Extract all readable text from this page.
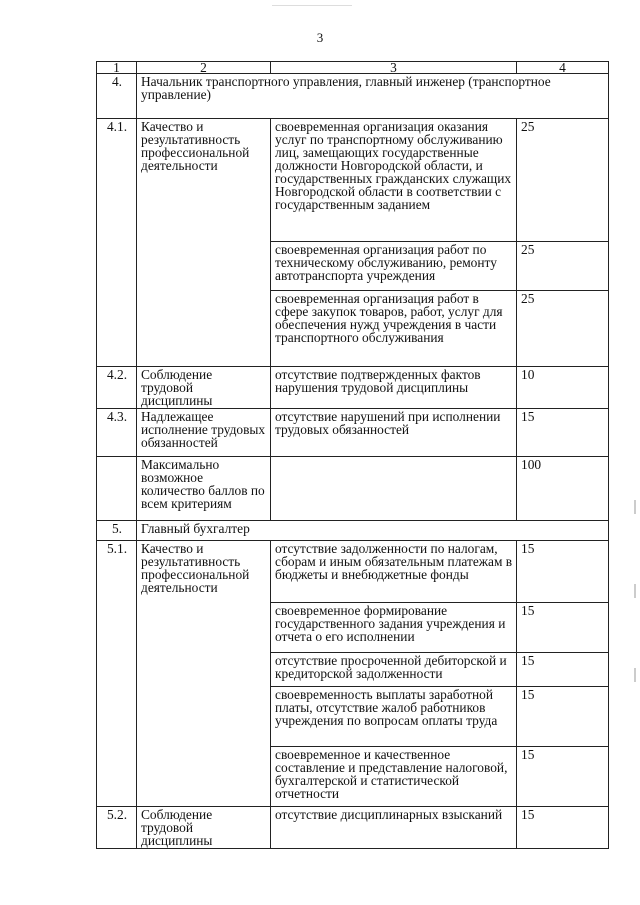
3
1	2	3	4
4.	Начальник транспортного управления, главный инженер (транспортное управление)		
4.1.	Качество и результативность профессиональной деятельности	своевременная организация оказания услуг по транспортному обслуживанию лиц, замещающих государственные должности Новгородской области, и государственных гражданских служащих Новгородской области в соответствии с государственным заданием	25
		своевременная организация работ по техническому обслуживанию, ремонту автотранспорта учреждения	25
		своевременная организация работ в сфере закупок товаров, работ, услуг для обеспечения нужд учреждения в части транспортного обслуживания	25
4.2.	Соблюдение трудовой дисциплины	отсутствие подтвержденных фактов нарушения трудовой дисциплины	10
4.3.	Надлежащее исполнение трудовых обязанностей	отсутствие нарушений при исполнении трудовых обязанностей	15
	Максимально возможное количество баллов по всем критериям		100
5.	Главный бухгалтер		
5.1.	Качество и результативность профессиональной деятельности	отсутствие задолженности по налогам, сборам и иным обязательным платежам в бюджеты и внебюджетные фонды	15
		своевременное формирование государственного задания учреждения и отчета о его исполнении	15
		отсутствие просроченной дебиторской и кредиторской задолженности	15
		своевременность выплаты заработной платы, отсутствие жалоб работников учреждения по вопросам оплаты труда	15
		своевременное и качественное составление и представление налоговой, бухгалтерской и статистической отчетности	15
5.2.	Соблюдение трудовой дисциплины	отсутствие дисциплинарных взысканий	15
